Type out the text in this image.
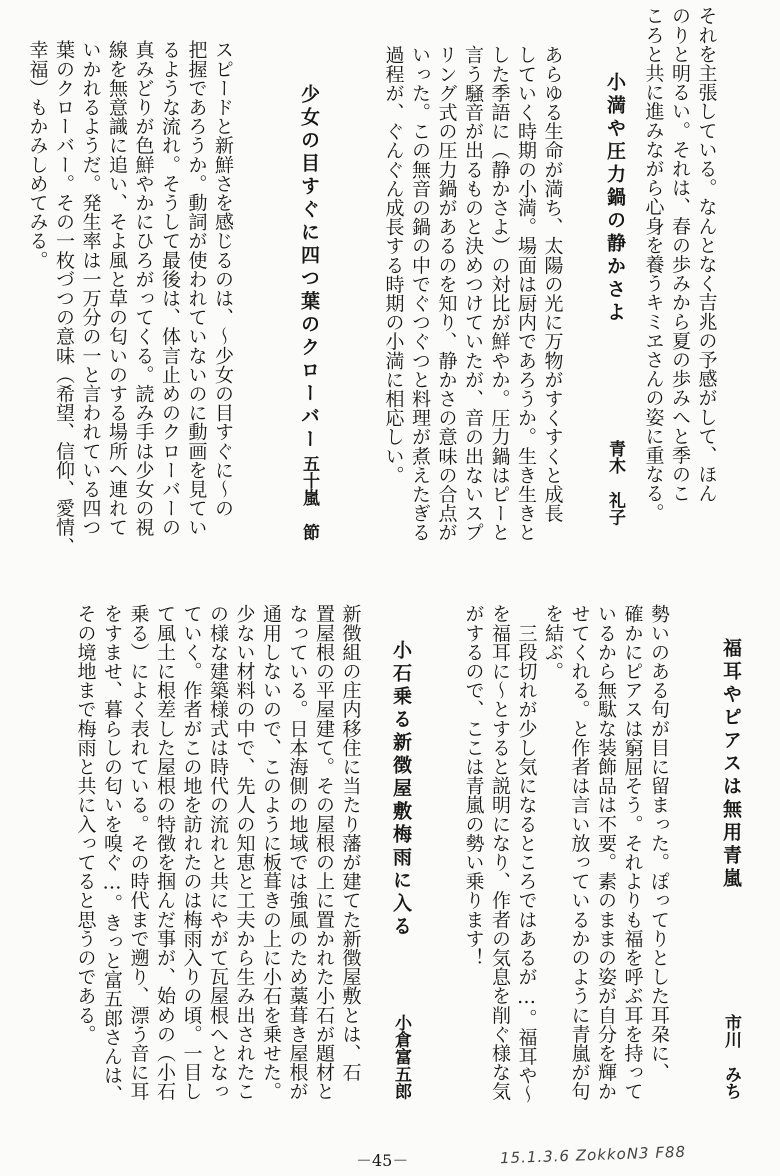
それを主張している。なんとなく吉兆の予感がして、ほん
のりと明るい。それは、春の歩みから夏の歩みへと季のこ
ころと共に進みながら心身を養うキミヱさんの姿に重なる。
小満や圧力鍋の静かさよ
青木　礼子
あらゆる生命が満ち、太陽の光に万物がすくすくと成長
していく時期の小満。場面は厨内であろうか。生き生きと
した季語に（静かさよ）の対比が鮮やか。圧力鍋はピーと
言う騒音が出るものと決めつけていたが、音の出ないスプ
リング式の圧力鍋があるのを知り、静かさの意味の合点が
いった。この無音の鍋の中でぐつぐつと料理が煮えたぎる
過程が、ぐんぐん成長する時期の小満に相応しい。
少女の目すぐに四つ葉のクローバー
五十嵐　節
スピードと新鮮さを感じるのは、～少女の目すぐに～の
把握であろうか。動詞が使われていないのに動画を見てい
るような流れ。そうして最後は、体言止めのクローバーの
真みどりが色鮮やかにひろがってくる。読み手は少女の視
線を無意識に追い、そよ風と草の匂いのする場所へ連れて
いかれるようだ。発生率は一万分の一と言われている四つ
葉のクローバー。その一枚づつの意味（希望、信仰、愛情、
幸福）もかみしめてみる。
福耳やピアスは無用青嵐
市川　みち
勢いのある句が目に留まった。ぽってりとした耳朶に、
確かにピアスは窮屈そう。それよりも福を呼ぶ耳を持って
いるから無駄な装飾品は不要。素のままの姿が自分を輝か
せてくれる。と作者は言い放っているかのように青嵐が句
を結ぶ。
　三段切れが少し気になるところではあるが…。福耳や～
を福耳に～とすると説明になり、作者の気息を削ぐ様な気
がするので、ここは青嵐の勢い乗ります！
小石乗る新徴屋敷梅雨に入る
小倉富五郎
新徴組の庄内移住に当たり藩が建てた新徴屋敷とは、石
置屋根の平屋建て。その屋根の上に置かれた小石が題材と
なっている。日本海側の地域では強風のため藁葺き屋根が
通用しないので、このように板葺きの上に小石を乗せた。
少ない材料の中で、先人の知恵と工夫から生み出されたこ
の様な建築様式は時代の流れと共にやがて瓦屋根へとなっ
ていく。作者がこの地を訪れたのは梅雨入りの頃。一目し
て風土に根差した屋根の特徴を掴んだ事が、始めの（小石
乗る）によく表れている。その時代まで遡り、漂う音に耳
をすませ、暮らしの匂いを嗅ぐ…。きっと富五郎さんは、
その境地まで梅雨と共に入ってると思うのである。
－45－	15.1.3.6 ZokkoN3 F88
